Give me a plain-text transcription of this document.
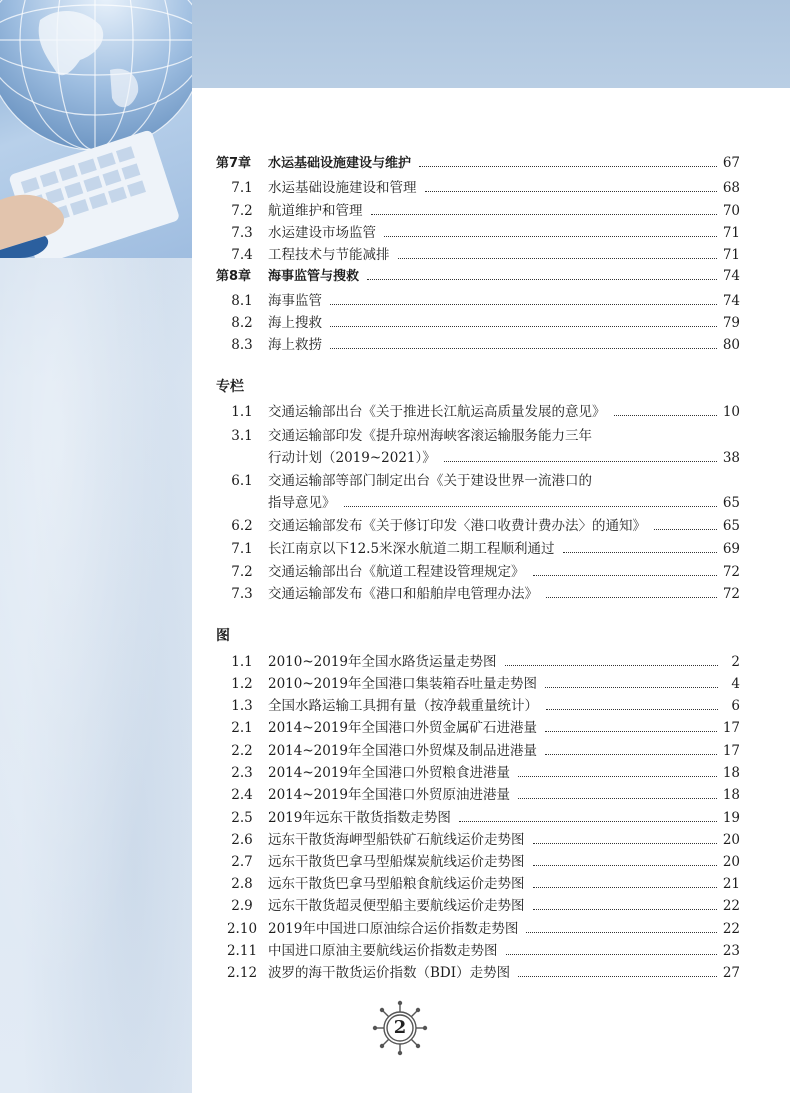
第7章	水运基础设施建设与维护	67
7.1	水运基础设施建设和管理	68
7.2	航道维护和管理	70
7.3	水运建设市场监管	71
7.4	工程技术与节能减排	71
第8章	海事监管与搜救	74
8.1	海事监管	74
8.2	海上搜救	79
8.3	海上救捞	80
专栏
1.1	交通运输部出台《关于推进长江航运高质量发展的意见》	10
3.1	交通运输部印发《提升琼州海峡客滚运输服务能力三年
行动计划（2019~2021）》	38
6.1	交通运输部等部门制定出台《关于建设世界一流港口的
指导意见》	65
6.2	交通运输部发布《关于修订印发〈港口收费计费办法〉的通知》	65
7.1	长江南京以下12.5米深水航道二期工程顺利通过	69
7.2	交通运输部出台《航道工程建设管理规定》	72
7.3	交通运输部发布《港口和船舶岸电管理办法》	72
图
1.1	2010~2019年全国水路货运量走势图	2
1.2	2010~2019年全国港口集装箱吞吐量走势图	4
1.3	全国水路运输工具拥有量（按净载重量统计）	6
2.1	2014~2019年全国港口外贸金属矿石进港量	17
2.2	2014~2019年全国港口外贸煤及制品进港量	17
2.3	2014~2019年全国港口外贸粮食进港量	18
2.4	2014~2019年全国港口外贸原油进港量	18
2.5	2019年远东干散货指数走势图	19
2.6	远东干散货海岬型船铁矿石航线运价走势图	20
2.7	远东干散货巴拿马型船煤炭航线运价走势图	20
2.8	远东干散货巴拿马型船粮食航线运价走势图	21
2.9	远东干散货超灵便型船主要航线运价走势图	22
2.10 2019年中国进口原油综合运价指数走势图	22
2.11 中国进口原油主要航线运价指数走势图	23
2.12 波罗的海干散货运价指数（BDI）走势图	27
2
